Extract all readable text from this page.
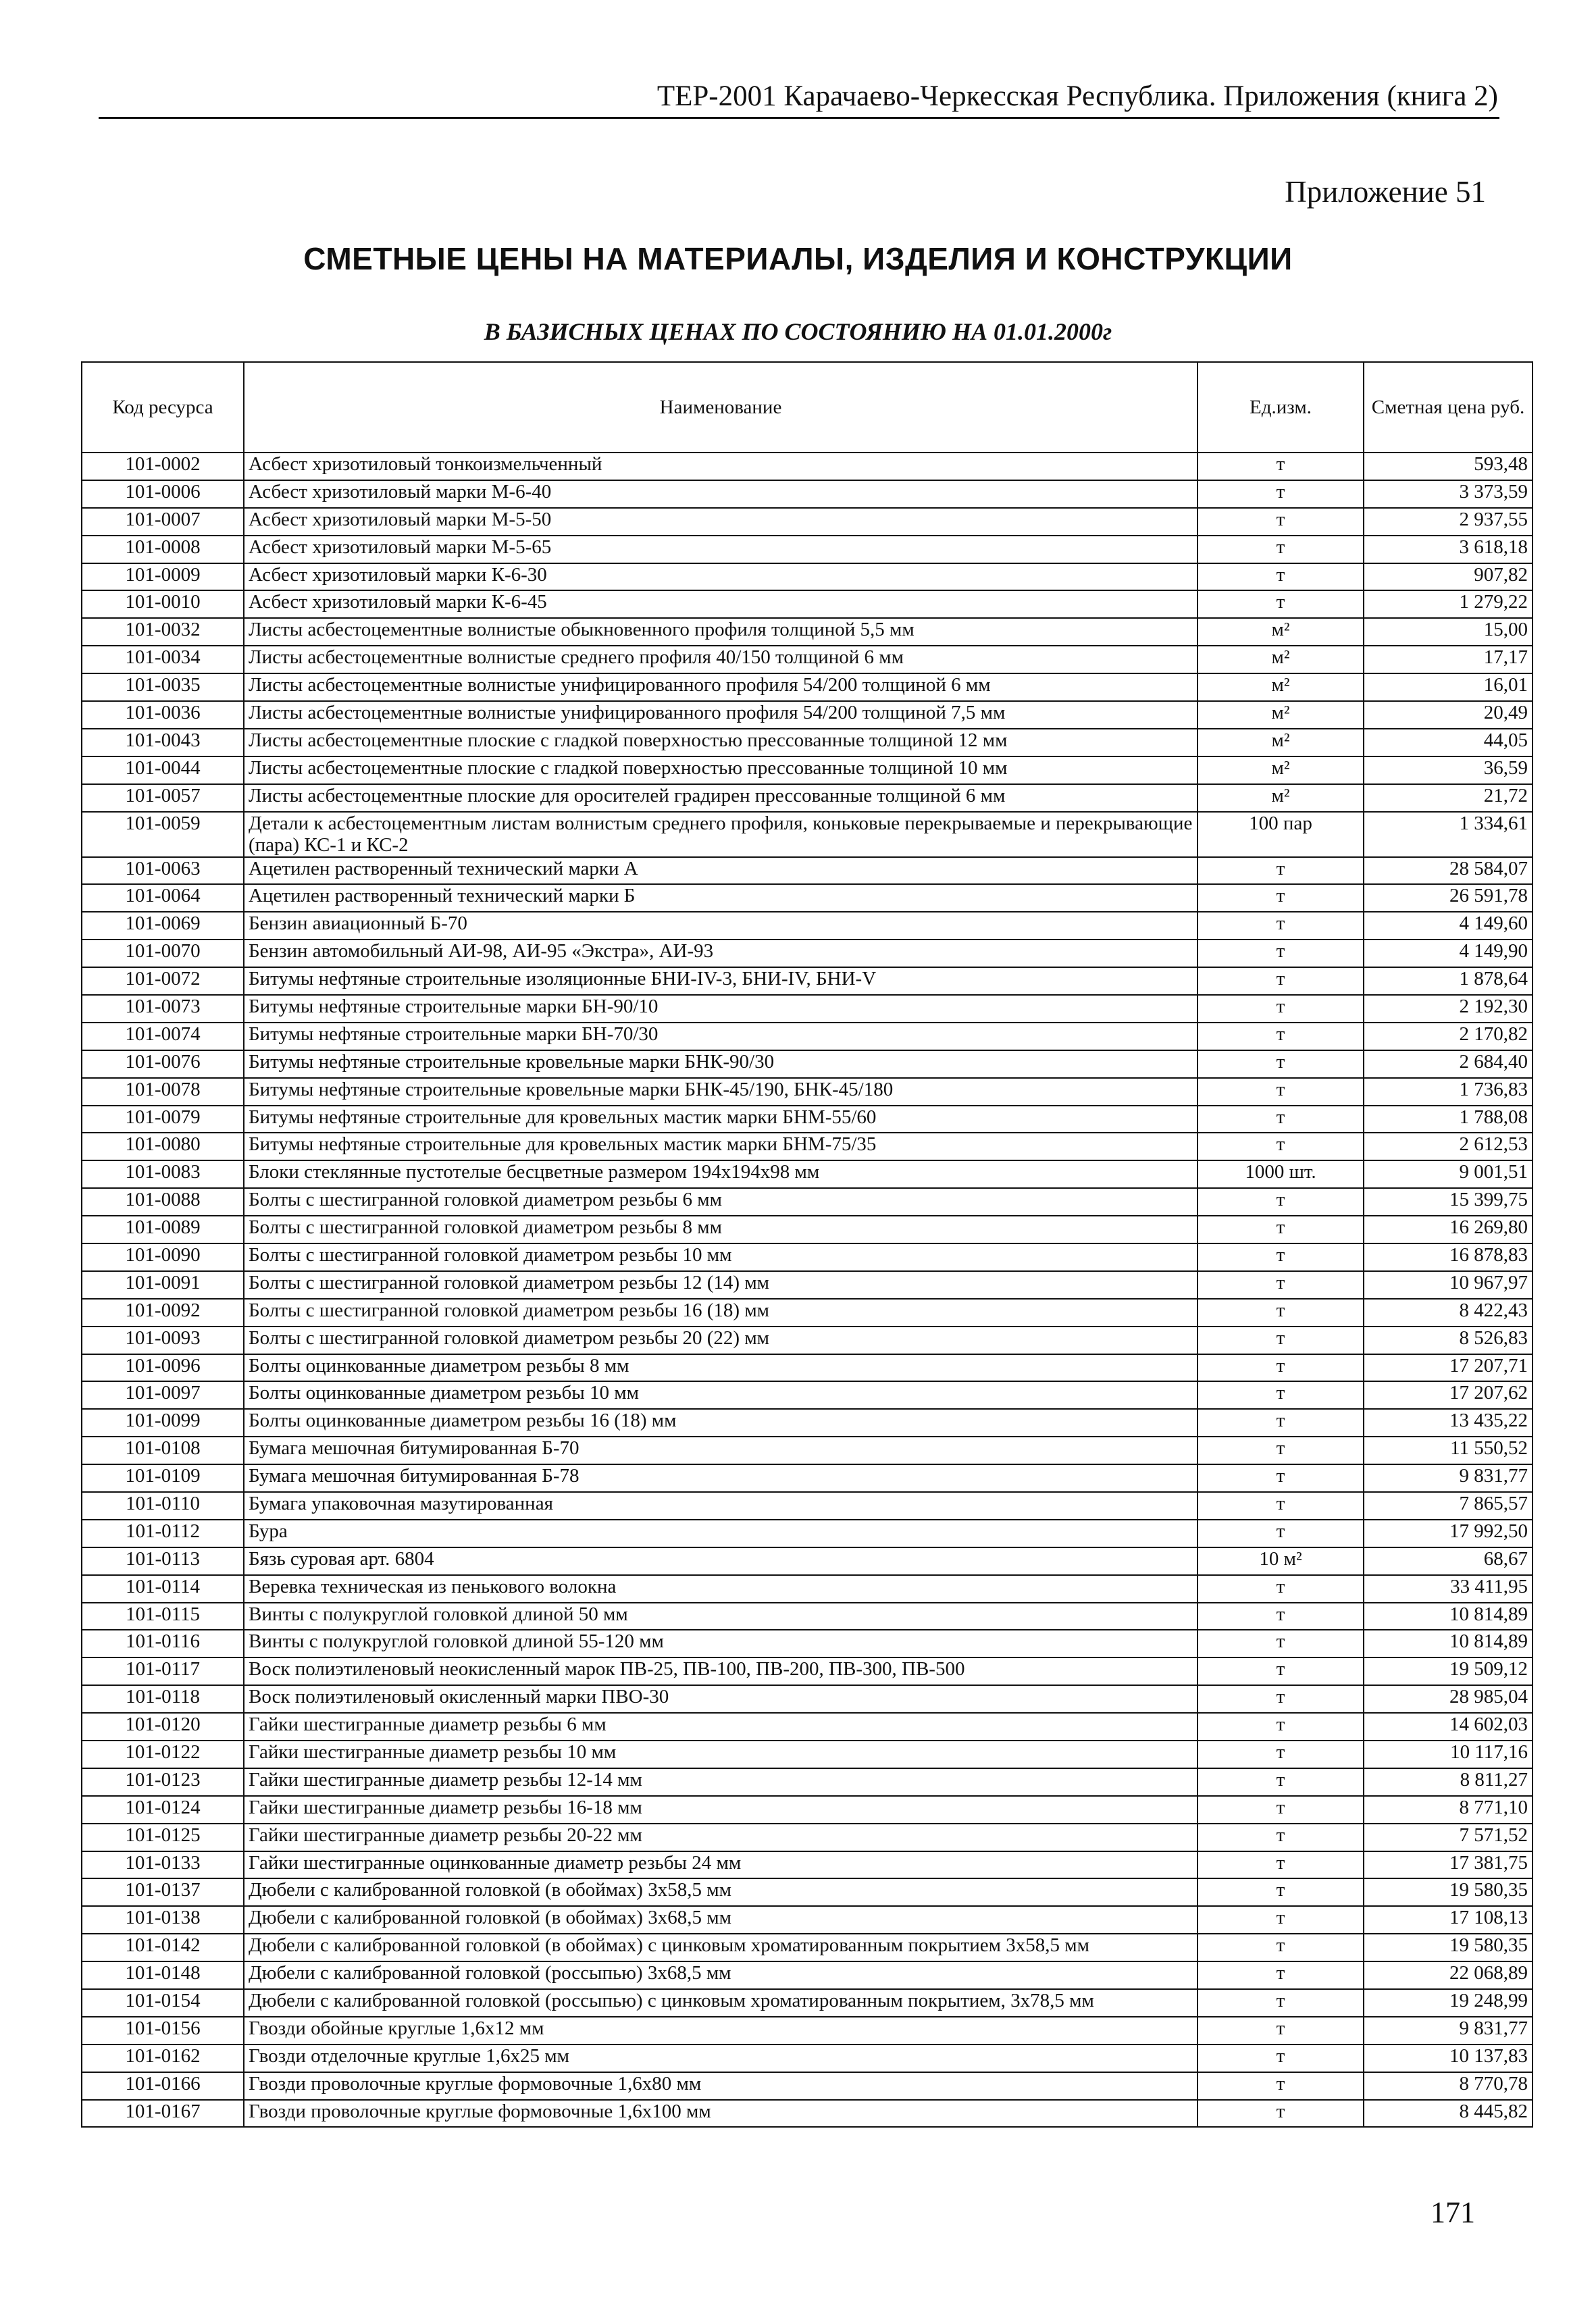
ТЕР-2001 Карачаево-Черкесская Республика. Приложения (книга 2)
Приложение 51
СМЕТНЫЕ ЦЕНЫ НА МАТЕРИАЛЫ, ИЗДЕЛИЯ И КОНСТРУКЦИИ
В БАЗИСНЫХ ЦЕНАХ ПО СОСТОЯНИЮ НА 01.01.2000г
Код ресурса	Наименование	Ед.изм.	Сметная цена руб.
101-0002	Асбест хризотиловый тонкоизмельченный	т	593,48
101-0006	Асбест хризотиловый марки М-6-40	т	3 373,59
101-0007	Асбест хризотиловый марки М-5-50	т	2 937,55
101-0008	Асбест хризотиловый марки М-5-65	т	3 618,18
101-0009	Асбест хризотиловый марки К-6-30	т	907,82
101-0010	Асбест хризотиловый марки К-6-45	т	1 279,22
101-0032	Листы асбестоцементные волнистые обыкновенного профиля толщиной 5,5 мм	м²	15,00
101-0034	Листы асбестоцементные волнистые среднего профиля 40/150 толщиной 6 мм	м²	17,17
101-0035	Листы асбестоцементные волнистые унифицированного профиля 54/200 толщиной 6 мм	м²	16,01
101-0036	Листы асбестоцементные волнистые унифицированного профиля 54/200 толщиной 7,5 мм	м²	20,49
101-0043	Листы асбестоцементные плоские с гладкой поверхностью прессованные толщиной 12 мм	м²	44,05
101-0044	Листы асбестоцементные плоские с гладкой поверхностью прессованные толщиной 10 мм	м²	36,59
101-0057	Листы асбестоцементные плоские для оросителей градирен прессованные толщиной 6 мм	м²	21,72
101-0059	Детали к асбестоцементным листам волнистым среднего профиля, коньковые перекрываемые и перекрывающие (пара) КС-1 и КС-2	100 пар	1 334,61
101-0063	Ацетилен растворенный технический марки А	т	28 584,07
101-0064	Ацетилен растворенный технический марки Б	т	26 591,78
101-0069	Бензин авиационный Б-70	т	4 149,60
101-0070	Бензин автомобильный АИ-98, АИ-95 «Экстра», АИ-93	т	4 149,90
101-0072	Битумы нефтяные строительные изоляционные БНИ-IV-3, БНИ-IV, БНИ-V	т	1 878,64
101-0073	Битумы нефтяные строительные марки БН-90/10	т	2 192,30
101-0074	Битумы нефтяные строительные марки БН-70/30	т	2 170,82
101-0076	Битумы нефтяные строительные кровельные марки БНК-90/30	т	2 684,40
101-0078	Битумы нефтяные строительные кровельные марки БНК-45/190, БНК-45/180	т	1 736,83
101-0079	Битумы нефтяные строительные для кровельных мастик марки БНМ-55/60	т	1 788,08
101-0080	Битумы нефтяные строительные для кровельных мастик марки БНМ-75/35	т	2 612,53
101-0083	Блоки стеклянные пустотелые бесцветные размером 194x194x98 мм	1000 шт.	9 001,51
101-0088	Болты с шестигранной головкой диаметром резьбы 6 мм	т	15 399,75
101-0089	Болты с шестигранной головкой диаметром резьбы 8 мм	т	16 269,80
101-0090	Болты с шестигранной головкой диаметром резьбы 10 мм	т	16 878,83
101-0091	Болты с шестигранной головкой диаметром резьбы 12 (14) мм	т	10 967,97
101-0092	Болты с шестигранной головкой диаметром резьбы 16 (18) мм	т	8 422,43
101-0093	Болты с шестигранной головкой диаметром резьбы 20 (22) мм	т	8 526,83
101-0096	Болты оцинкованные диаметром резьбы 8 мм	т	17 207,71
101-0097	Болты оцинкованные диаметром резьбы 10 мм	т	17 207,62
101-0099	Болты оцинкованные диаметром резьбы 16 (18) мм	т	13 435,22
101-0108	Бумага мешочная битумированная Б-70	т	11 550,52
101-0109	Бумага мешочная битумированная Б-78	т	9 831,77
101-0110	Бумага упаковочная мазутированная	т	7 865,57
101-0112	Бура	т	17 992,50
101-0113	Бязь суровая арт. 6804	10 м²	68,67
101-0114	Веревка техническая из пенькового волокна	т	33 411,95
101-0115	Винты с полукруглой головкой длиной 50 мм	т	10 814,89
101-0116	Винты с полукруглой головкой длиной 55-120 мм	т	10 814,89
101-0117	Воск полиэтиленовый неокисленный марок ПВ-25, ПВ-100, ПВ-200, ПВ-300, ПВ-500	т	19 509,12
101-0118	Воск полиэтиленовый окисленный марки ПВО-30	т	28 985,04
101-0120	Гайки шестигранные диаметр резьбы 6 мм	т	14 602,03
101-0122	Гайки шестигранные диаметр резьбы 10 мм	т	10 117,16
101-0123	Гайки шестигранные диаметр резьбы 12-14 мм	т	8 811,27
101-0124	Гайки шестигранные диаметр резьбы 16-18 мм	т	8 771,10
101-0125	Гайки шестигранные диаметр резьбы 20-22 мм	т	7 571,52
101-0133	Гайки шестигранные оцинкованные диаметр резьбы 24 мм	т	17 381,75
101-0137	Дюбели с калиброванной головкой (в обоймах) 3x58,5 мм	т	19 580,35
101-0138	Дюбели с калиброванной головкой (в обоймах) 3x68,5 мм	т	17 108,13
101-0142	Дюбели с калиброванной головкой (в обоймах) с цинковым хроматированным покрытием 3x58,5 мм	т	19 580,35
101-0148	Дюбели с калиброванной головкой (россыпью) 3x68,5 мм	т	22 068,89
101-0154	Дюбели с калиброванной головкой (россыпью) с цинковым хроматированным покрытием, 3x78,5 мм	т	19 248,99
101-0156	Гвозди обойные круглые 1,6x12 мм	т	9 831,77
101-0162	Гвозди отделочные круглые 1,6x25 мм	т	10 137,83
101-0166	Гвозди проволочные круглые формовочные 1,6x80 мм	т	8 770,78
101-0167	Гвозди проволочные круглые формовочные 1,6x100 мм	т	8 445,82
171
